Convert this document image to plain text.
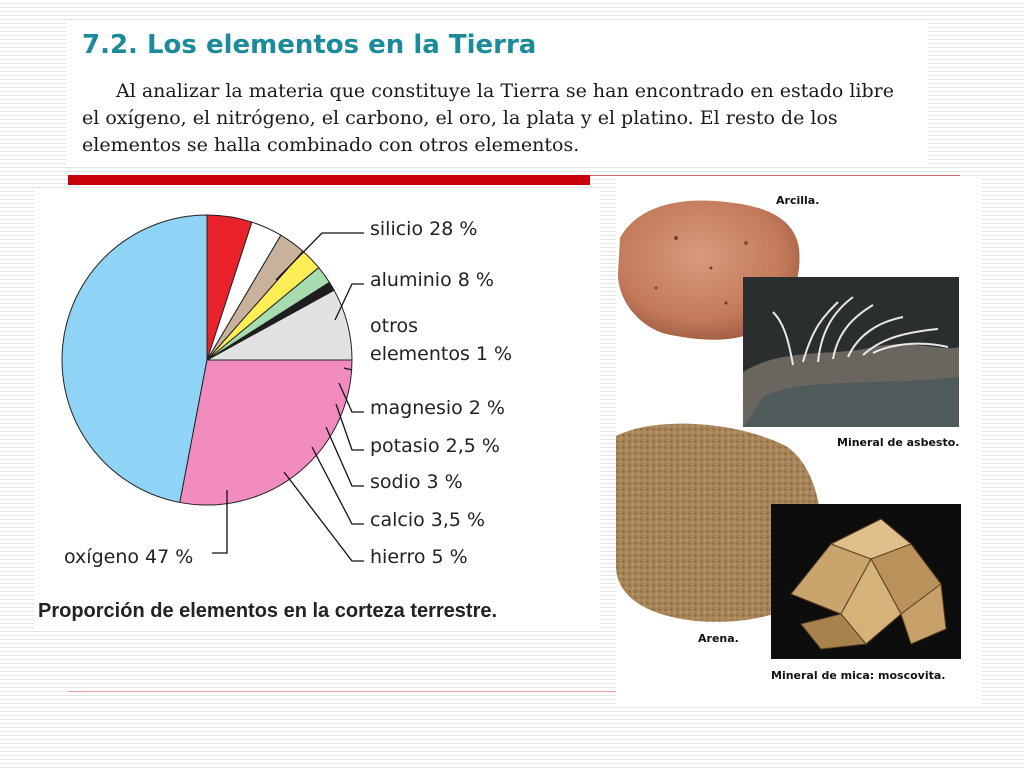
7.2. Los elementos en la Tierra

Al analizar la materia que constituye la Tierra se han encontrado en estado libre el oxígeno, el nitrógeno, el carbono, el oro, la plata y el platino. El resto de los elementos se halla combinado con otros elementos.

oxígeno 47 %
silicio 28 %
aluminio 8 %
otros
elementos 1 %
magnesio 2 %
potasio 2,5 %
sodio 3 %
calcio 3,5 %
hierro 5 %
Proporción de elementos en la corteza terrestre.

Arcilla.

Mineral de asbesto.

Arena.

Mineral de mica: moscovita.
